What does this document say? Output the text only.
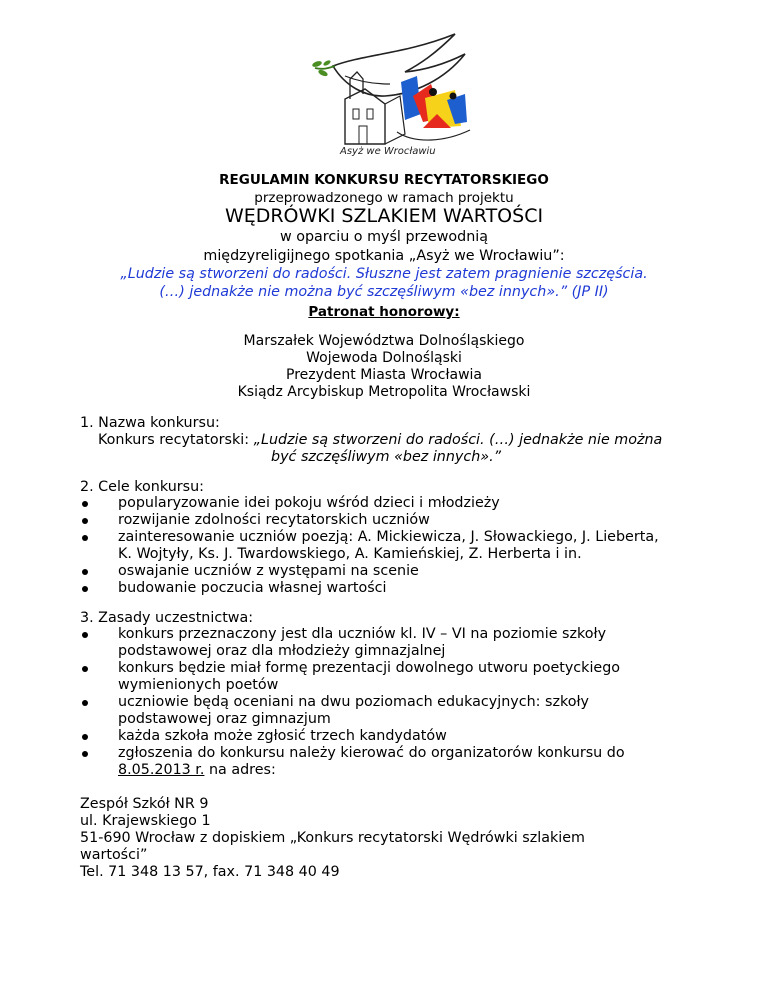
Asyż we Wrocławiu
REGULAMIN KONKURSU RECYTATORSKIEGO
przeprowadzonego w ramach projektu
WĘDRÓWKI SZLAKIEM WARTOŚCI
w oparciu o myśl przewodnią
międzyreligijnego spotkania „Asyż we Wrocławiu”:
„Ludzie są stworzeni do radości. Słuszne jest zatem pragnienie szczęścia.
(…) jednakże nie można być szczęśliwym «bez innych».” (JP II)
Patronat honorowy:
Marszałek Województwa Dolnośląskiego
Wojewoda Dolnośląski
Prezydent Miasta Wrocławia
Ksiądz Arcybiskup Metropolita Wrocławski
1. Nazwa konkursu:
Konkurs recytatorski: „Ludzie są stworzeni do radości. (…) jednakże nie można
być szczęśliwym «bez innych».”
2. Cele konkursu:
popularyzowanie idei pokoju wśród dzieci i młodzieży
rozwijanie zdolności recytatorskich uczniów
zainteresowanie uczniów poezją: A. Mickiewicza, J. Słowackiego, J. Lieberta,
K. Wojtyły, Ks. J. Twardowskiego, A. Kamieńskiej, Z. Herberta i in.
oswajanie uczniów z występami na scenie
budowanie poczucia własnej wartości
3. Zasady uczestnictwa:
konkurs przeznaczony jest dla uczniów kl. IV – VI na poziomie szkoły
podstawowej oraz dla młodzieży gimnazjalnej
konkurs będzie miał formę prezentacji dowolnego utworu poetyckiego
wymienionych poetów
uczniowie będą oceniani na dwu poziomach edukacyjnych: szkoły
podstawowej oraz gimnazjum
każda szkoła może zgłosić trzech kandydatów
zgłoszenia do konkursu należy kierować do organizatorów konkursu do
8.05.2013 r. na adres:
Zespół Szkół NR 9
ul. Krajewskiego 1
51-690 Wrocław z dopiskiem „Konkurs recytatorski Wędrówki szlakiem
wartości”
Tel. 71 348 13 57, fax. 71 348 40 49
